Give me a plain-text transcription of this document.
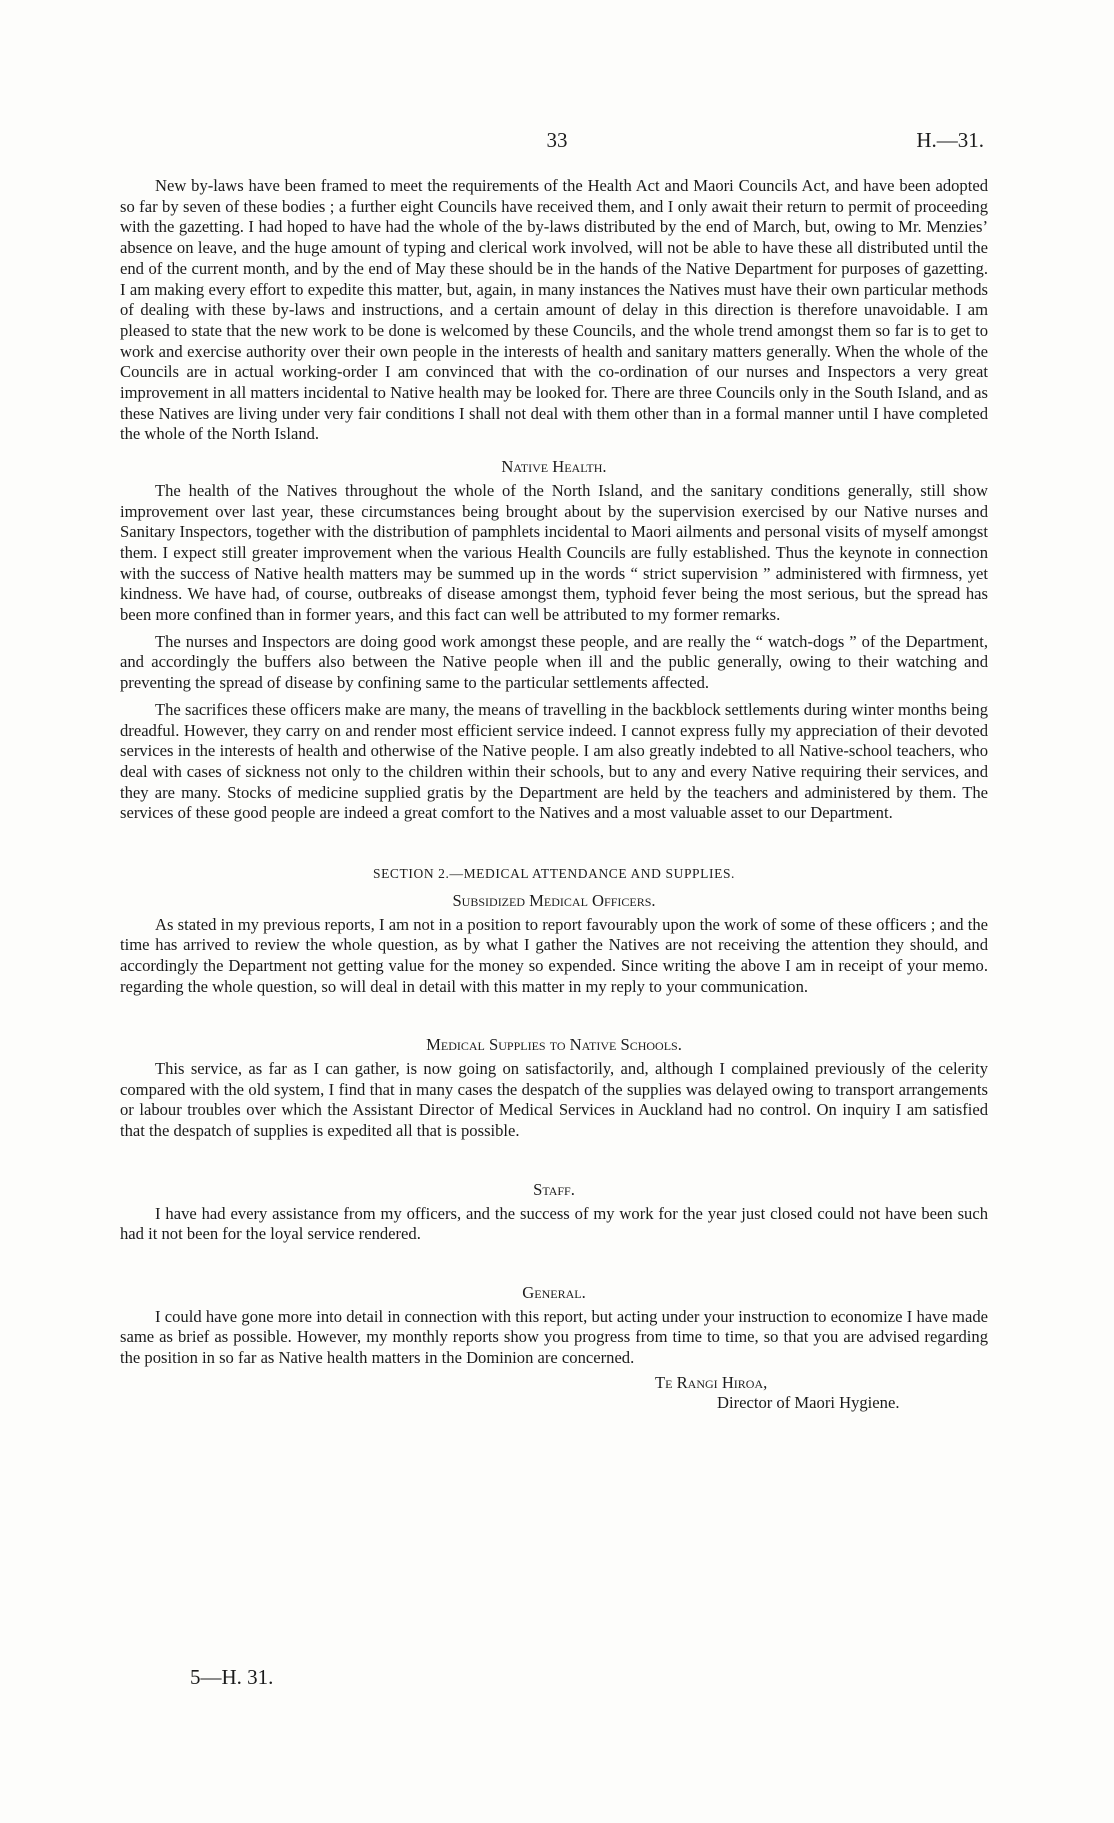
33	H.—31.

New by-laws have been framed to meet the requirements of the Health Act and Maori Councils Act, and have been adopted so far by seven of these bodies ; a further eight Councils have received them, and I only await their return to permit of proceeding with the gazetting. I had hoped to have had the whole of the by-laws distributed by the end of March, but, owing to Mr. Menzies’ absence on leave, and the huge amount of typing and clerical work involved, will not be able to have these all distributed until the end of the current month, and by the end of May these should be in the hands of the Native Department for purposes of gazetting. I am making every effort to expedite this matter, but, again, in many instances the Natives must have their own particular methods of dealing with these by-laws and instructions, and a certain amount of delay in this direction is therefore unavoidable. I am pleased to state that the new work to be done is welcomed by these Councils, and the whole trend amongst them so far is to get to work and exercise authority over their own people in the interests of health and sanitary matters generally. When the whole of the Councils are in actual working-order I am convinced that with the co-ordination of our nurses and Inspectors a very great improvement in all matters incidental to Native health may be looked for. There are three Councils only in the South Island, and as these Natives are living under very fair conditions I shall not deal with them other than in a formal manner until I have completed the whole of the North Island.

Native Health.

The health of the Natives throughout the whole of the North Island, and the sanitary conditions generally, still show improvement over last year, these circumstances being brought about by the supervision exercised by our Native nurses and Sanitary Inspectors, together with the distribution of pamphlets incidental to Maori ailments and personal visits of myself amongst them. I expect still greater improvement when the various Health Councils are fully established. Thus the keynote in connection with the success of Native health matters may be summed up in the words “ strict supervision ” administered with firmness, yet kindness. We have had, of course, outbreaks of disease amongst them, typhoid fever being the most serious, but the spread has been more confined than in former years, and this fact can well be attributed to my former remarks.

The nurses and Inspectors are doing good work amongst these people, and are really the “ watch-dogs ” of the Department, and accordingly the buffers also between the Native people when ill and the public generally, owing to their watching and preventing the spread of disease by confining same to the particular settlements affected.

The sacrifices these officers make are many, the means of travelling in the backblock settlements during winter months being dreadful. However, they carry on and render most efficient service indeed. I cannot express fully my appreciation of their devoted services in the interests of health and otherwise of the Native people. I am also greatly indebted to all Native-school teachers, who deal with cases of sickness not only to the children within their schools, but to any and every Native requiring their services, and they are many. Stocks of medicine supplied gratis by the Department are held by the teachers and administered by them. The services of these good people are indeed a great comfort to the Natives and a most valuable asset to our Department.

SECTION 2.—MEDICAL ATTENDANCE AND SUPPLIES.
Subsidized Medical Officers.

As stated in my previous reports, I am not in a position to report favourably upon the work of some of these officers ; and the time has arrived to review the whole question, as by what I gather the Natives are not receiving the attention they should, and accordingly the Department not getting value for the money so expended. Since writing the above I am in receipt of your memo. regarding the whole question, so will deal in detail with this matter in my reply to your communication.

Medical Supplies to Native Schools.

This service, as far as I can gather, is now going on satisfactorily, and, although I complained previously of the celerity compared with the old system, I find that in many cases the despatch of the supplies was delayed owing to transport arrangements or labour troubles over which the Assistant Director of Medical Services in Auckland had no control. On inquiry I am satisfied that the despatch of supplies is expedited all that is possible.

Staff.

I have had every assistance from my officers, and the success of my work for the year just closed could not have been such had it not been for the loyal service rendered.

General.

I could have gone more into detail in connection with this report, but acting under your instruction to economize I have made same as brief as possible. However, my monthly reports show you progress from time to time, so that you are advised regarding the position in so far as Native health matters in the Dominion are concerned.

Te Rangi Hiroa,
Director of Maori Hygiene.
5—H. 31.
